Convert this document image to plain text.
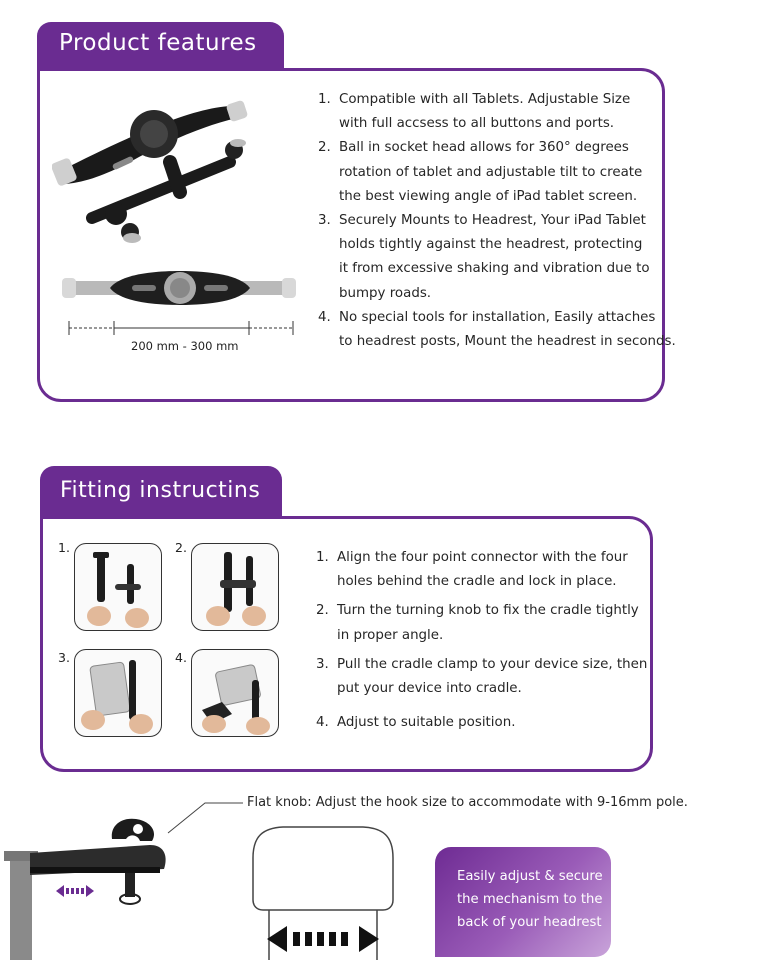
Product features
200 mm - 300 mm
1. Compatible with all Tablets. Adjustable Size
with full accsess to all buttons and ports.
2. Ball in socket head allows for 360° degrees
rotation of tablet and adjustable tilt to create
the best viewing angle of iPad tablet screen.
3. Securely Mounts to Headrest, Your iPad Tablet
holds tightly against the headrest, protecting
it from excessive shaking and vibration due to
bumpy roads.
4. No special tools for installation, Easily attaches
to headrest posts, Mount the headrest in seconds.
Fitting instructins
1.	2.
3.	4.
1. Align the four point connector with the four
holes behind the cradle and lock in place.
2. Turn the turning knob to fix the cradle tightly
in proper angle.
3. Pull the cradle clamp to your device size, then
put your device into cradle.
4. Adjust to suitable position.
Flat knob: Adjust the hook size to accommodate with 9-16mm pole.
Easily adjust & secure
the mechanism to the
back of your headrest
